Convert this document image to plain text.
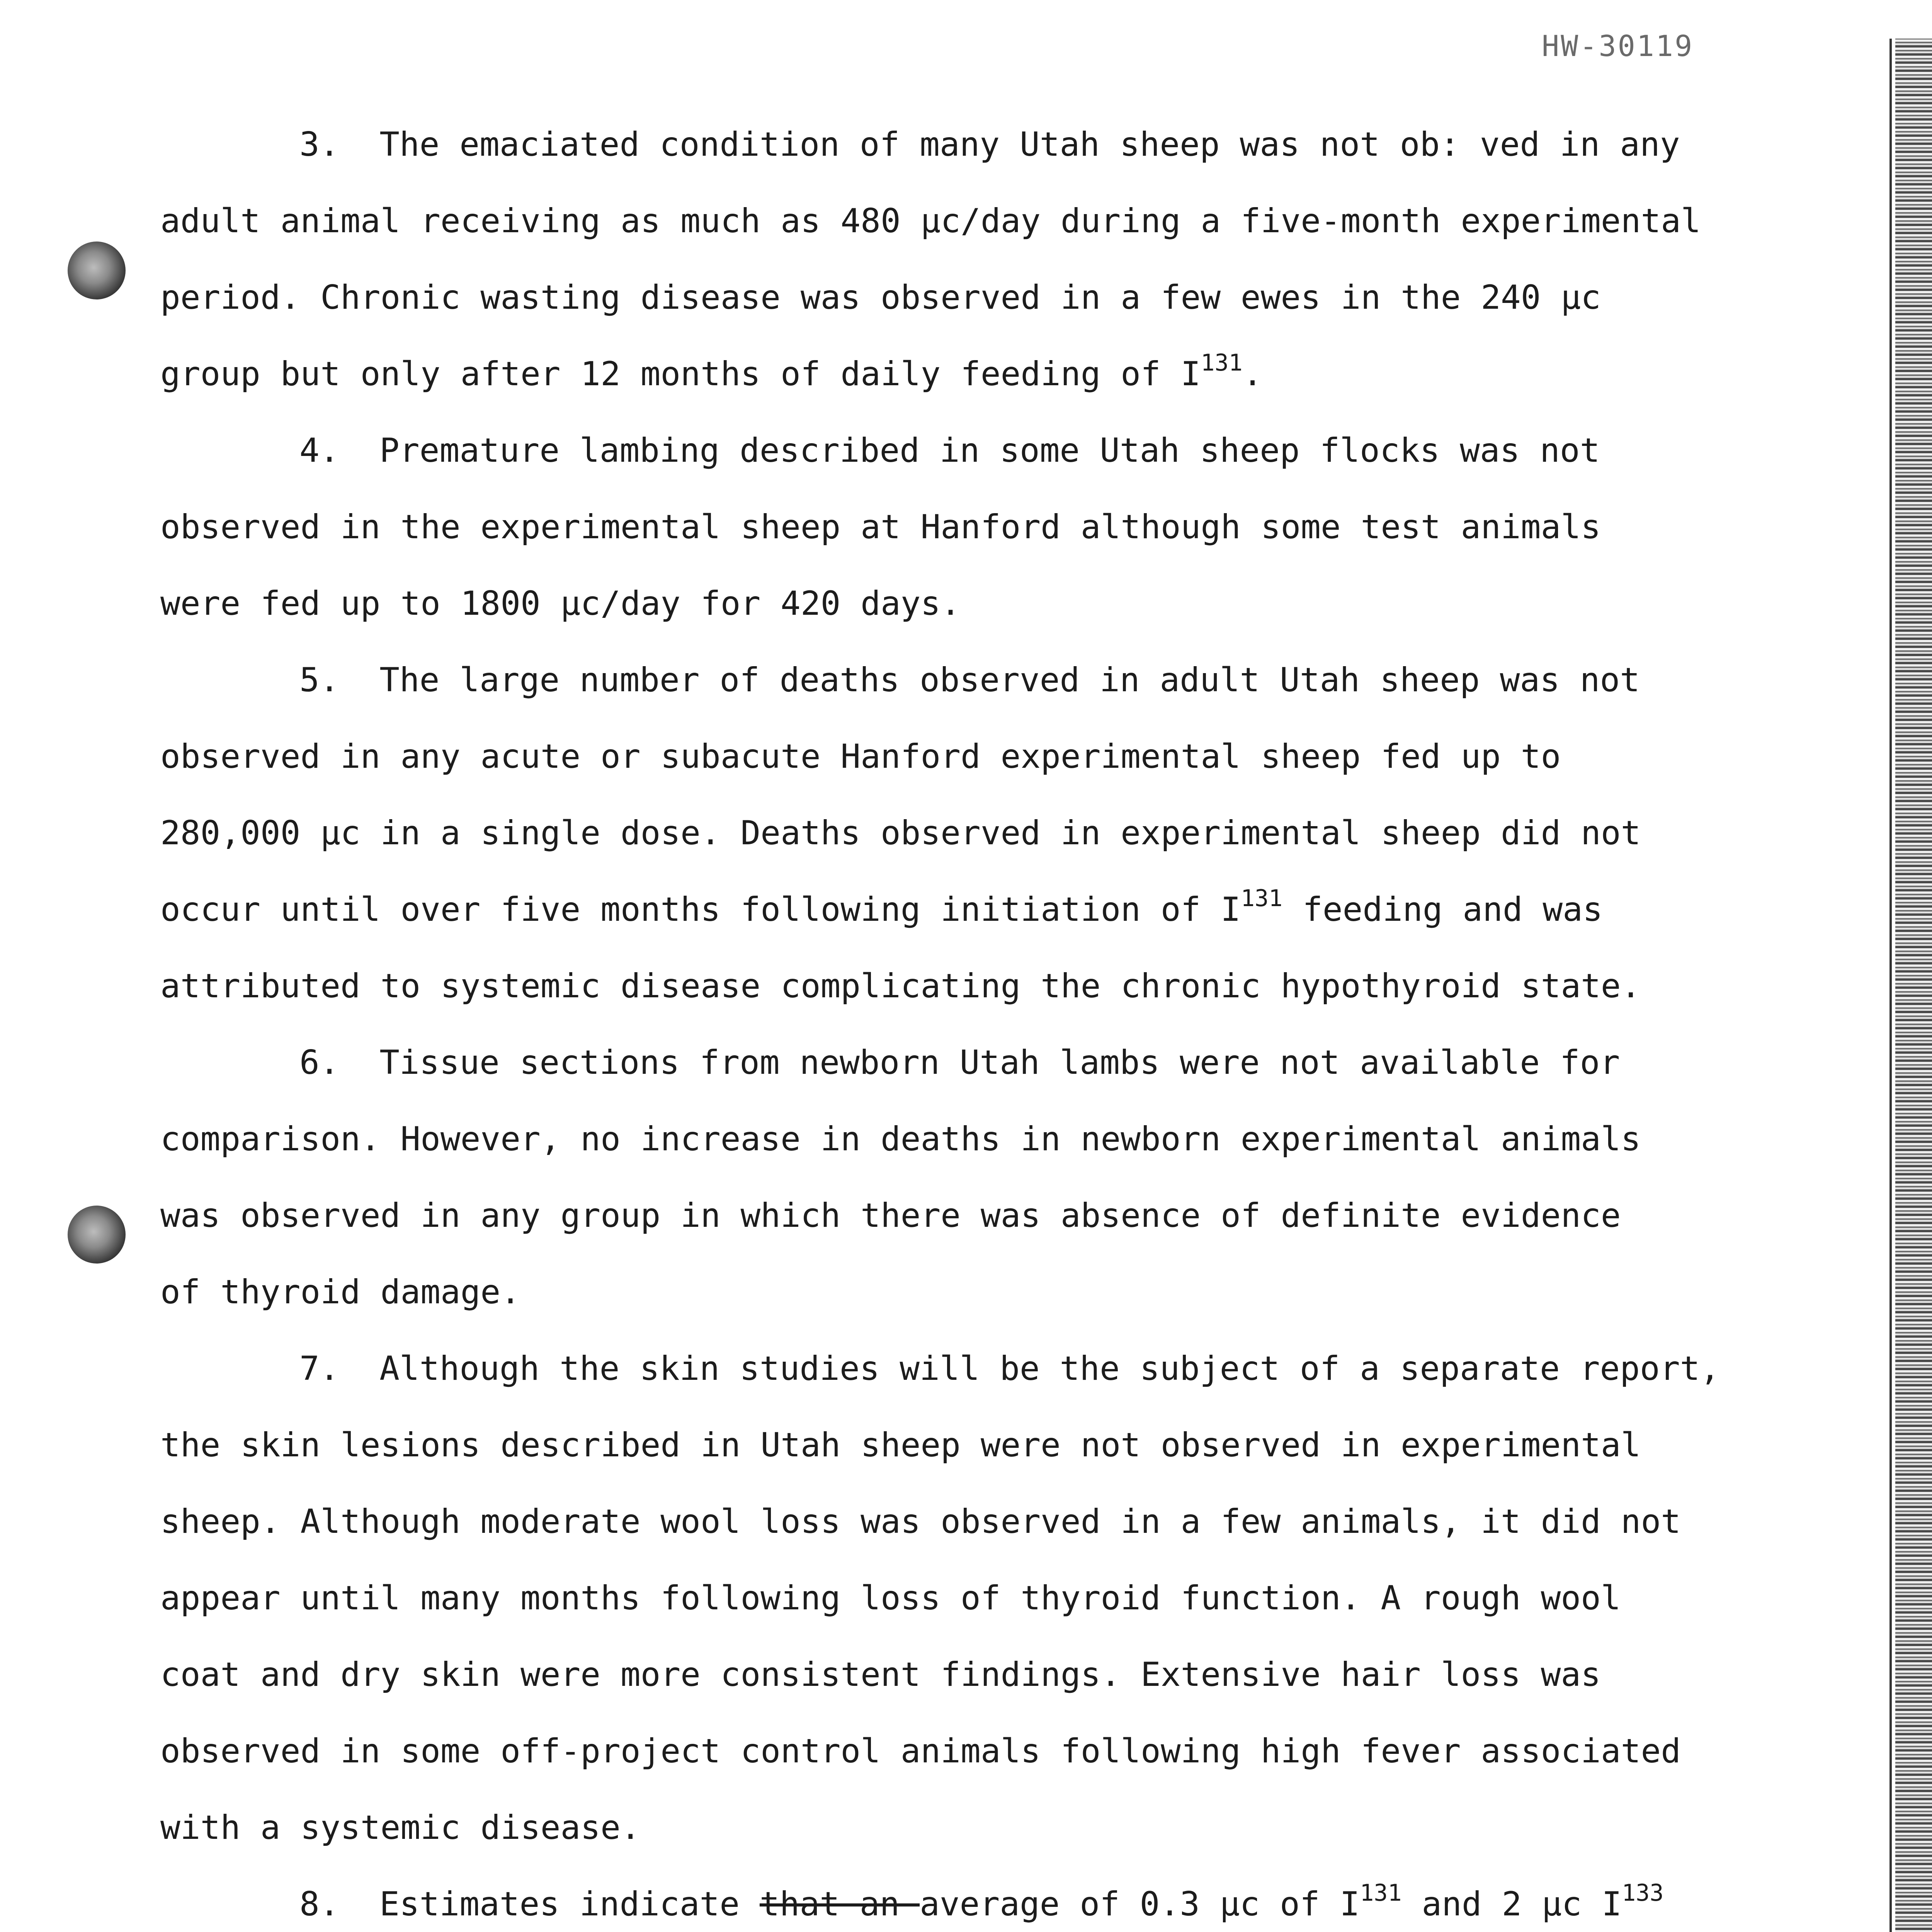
HW-30119
3. The emaciated condition of many Utah sheep was not ob: ved in any
adult animal receiving as much as 480 µc/day during a five-month experimental
period. Chronic wasting disease was observed in a few ewes in the 240 µc
group but only after 12 months of daily feeding of $I^{131}$.
4. Premature lambing described in some Utah sheep flocks was not
observed in the experimental sheep at Hanford although some test animals
were fed up to 1800 µc/day for 420 days.
5. The large number of deaths observed in adult Utah sheep was not
observed in any acute or subacute Hanford experimental sheep fed up to
280,000 µc in a single dose. Deaths observed in experimental sheep did not
occur until over five months following initiation of $I^{131}$ feeding and was
attributed to systemic disease complicating the chronic hypothyroid state.
6. Tissue sections from newborn Utah lambs were not available for
comparison. However, no increase in deaths in newborn experimental animals
was observed in any group in which there was absence of definite evidence
of thyroid damage.
7. Although the skin studies will be the subject of a separate report,
the skin lesions described in Utah sheep were not observed in experimental
sheep. Although moderate wool loss was observed in a few animals, it did not
appear until many months following loss of thyroid function. A rough wool
coat and dry skin were more consistent findings. Extensive hair loss was
observed in some off-project control animals following high fever associated
with a systemic disease.
8. Estimates indicate that an average of 0.3 µc of $I^{131}$ and 2 µc $I^{133}$
